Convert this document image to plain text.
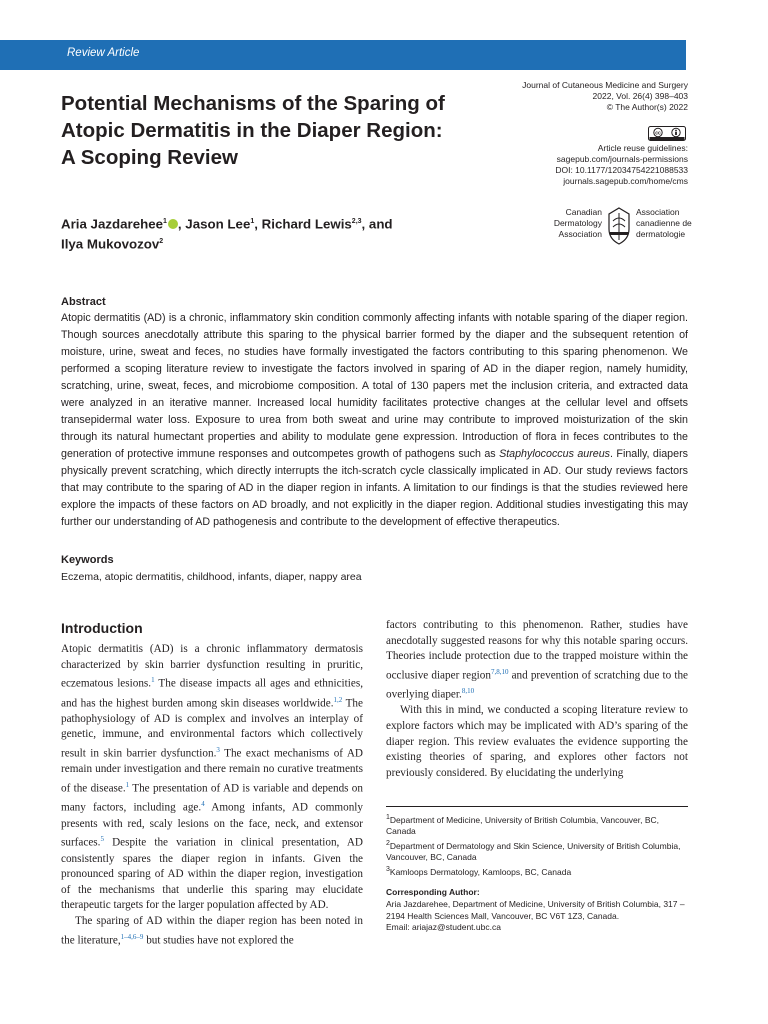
Review Article
Potential Mechanisms of the Sparing of
Atopic Dermatitis in the Diaper Region:
A Scoping Review
Journal of Cutaneous Medicine and Surgery
2022, Vol. 26(4) 398–403
© The Author(s) 2022
cc
Article reuse guidelines:
sagepub.com/journals-permissions
DOI: 10.1177/12034754221088533
journals.sagepub.com/home/cms
Canadian
Dermatology
Association
Association
canadienne de
dermatologie
Aria Jazdarehee$^1$ , Jason Lee$^1$, Richard Lewis$^{2,3}$, and
Ilya Mukovozov$^2$
Abstract

Atopic dermatitis (AD) is a chronic, inflammatory skin condition commonly affecting infants with notable sparing of the diaper region. Though sources anecdotally attribute this sparing to the physical barrier formed by the diaper and the subsequent retention of moisture, urine, sweat and feces, no studies have formally investigated the factors contributing to this sparing phenomenon. We performed a scoping literature review to investigate the factors involved in sparing of AD in the diaper region, namely humidity, scratching, urine, sweat, feces, and microbiome composition. A total of 130 papers met the inclusion criteria, and extracted data were analyzed in an iterative manner. Increased local humidity facilitates protective changes at the cellular level and offsets transepidermal water loss. Exposure to urea from both sweat and urine may contribute to improved moisturization of the skin through its natural humectant properties and ability to modulate gene expression. Introduction of flora in feces contributes to the generation of protective immune responses and outcompetes growth of pathogens such as Staphylococcus aureus. Finally, diapers physically prevent scratching, which directly interrupts the itch-scratch cycle classically implicated in AD. Our study reviews factors that may contribute to the sparing of AD in the diaper region in infants. A limitation to our findings is that the studies reviewed here explore the impacts of these factors on AD broadly, and not explicitly in the diaper region. Additional studies investigating this may further our understanding of AD pathogenesis and contribute to the development of effective therapeutics.

Keywords
Eczema, atopic dermatitis, childhood, infants, diaper, nappy area
Introduction

Atopic dermatitis (AD) is a chronic inflammatory dermatosis characterized by skin barrier dysfunction resulting in pruritic, eczematous lesions.$^1$ The disease impacts all ages and ethnicities, and has the highest burden among skin diseases worldwide.$^{1,2}$ The pathophysiology of AD is complex and involves an interplay of genetic, immune, and environmental factors which collectively result in skin barrier dysfunction.$^3$ The exact mechanisms of AD remain under investigation and there remain no curative treatments of the disease.$^1$ The presentation of AD is variable and depends on many factors, including age.$^4$ Among infants, AD commonly presents with red, scaly lesions on the face, neck, and extensor surfaces.$^5$ Despite the variation in clinical presentation, AD consistently spares the diaper region in infants. Given the pronounced sparing of AD within the diaper region, investigation of the mechanisms that underlie this sparing may elucidate therapeutic targets for the larger population affected by AD.

The sparing of AD within the diaper region has been noted in the literature,$^{1-4,6-9}$ but studies have not explored the

factors contributing to this phenomenon. Rather, studies have anecdotally suggested reasons for why this notable sparing occurs. Theories include protection due to the trapped moisture within the occlusive diaper region$^{7,8,10}$ and prevention of scratching due to the overlying diaper.$^{8,10}$

With this in mind, we conducted a scoping literature review to explore factors which may be implicated with AD’s sparing of the diaper region. This review evaluates the evidence supporting the existing theories of sparing, and explores other factors not previously considered. By elucidating the underlying

$^1$Department of Medicine, University of British Columbia, Vancouver, BC, Canada

$^2$Department of Dermatology and Skin Science, University of British Columbia, Vancouver, BC, Canada

$^3$Kamloops Dermatology, Kamloops, BC, Canada

Corresponding Author:

Aria Jazdarehee, Department of Medicine, University of British Columbia, 317 – 2194 Health Sciences Mall, Vancouver, BC V6T 1Z3, Canada.

Email: ariajaz@student.ubc.ca
